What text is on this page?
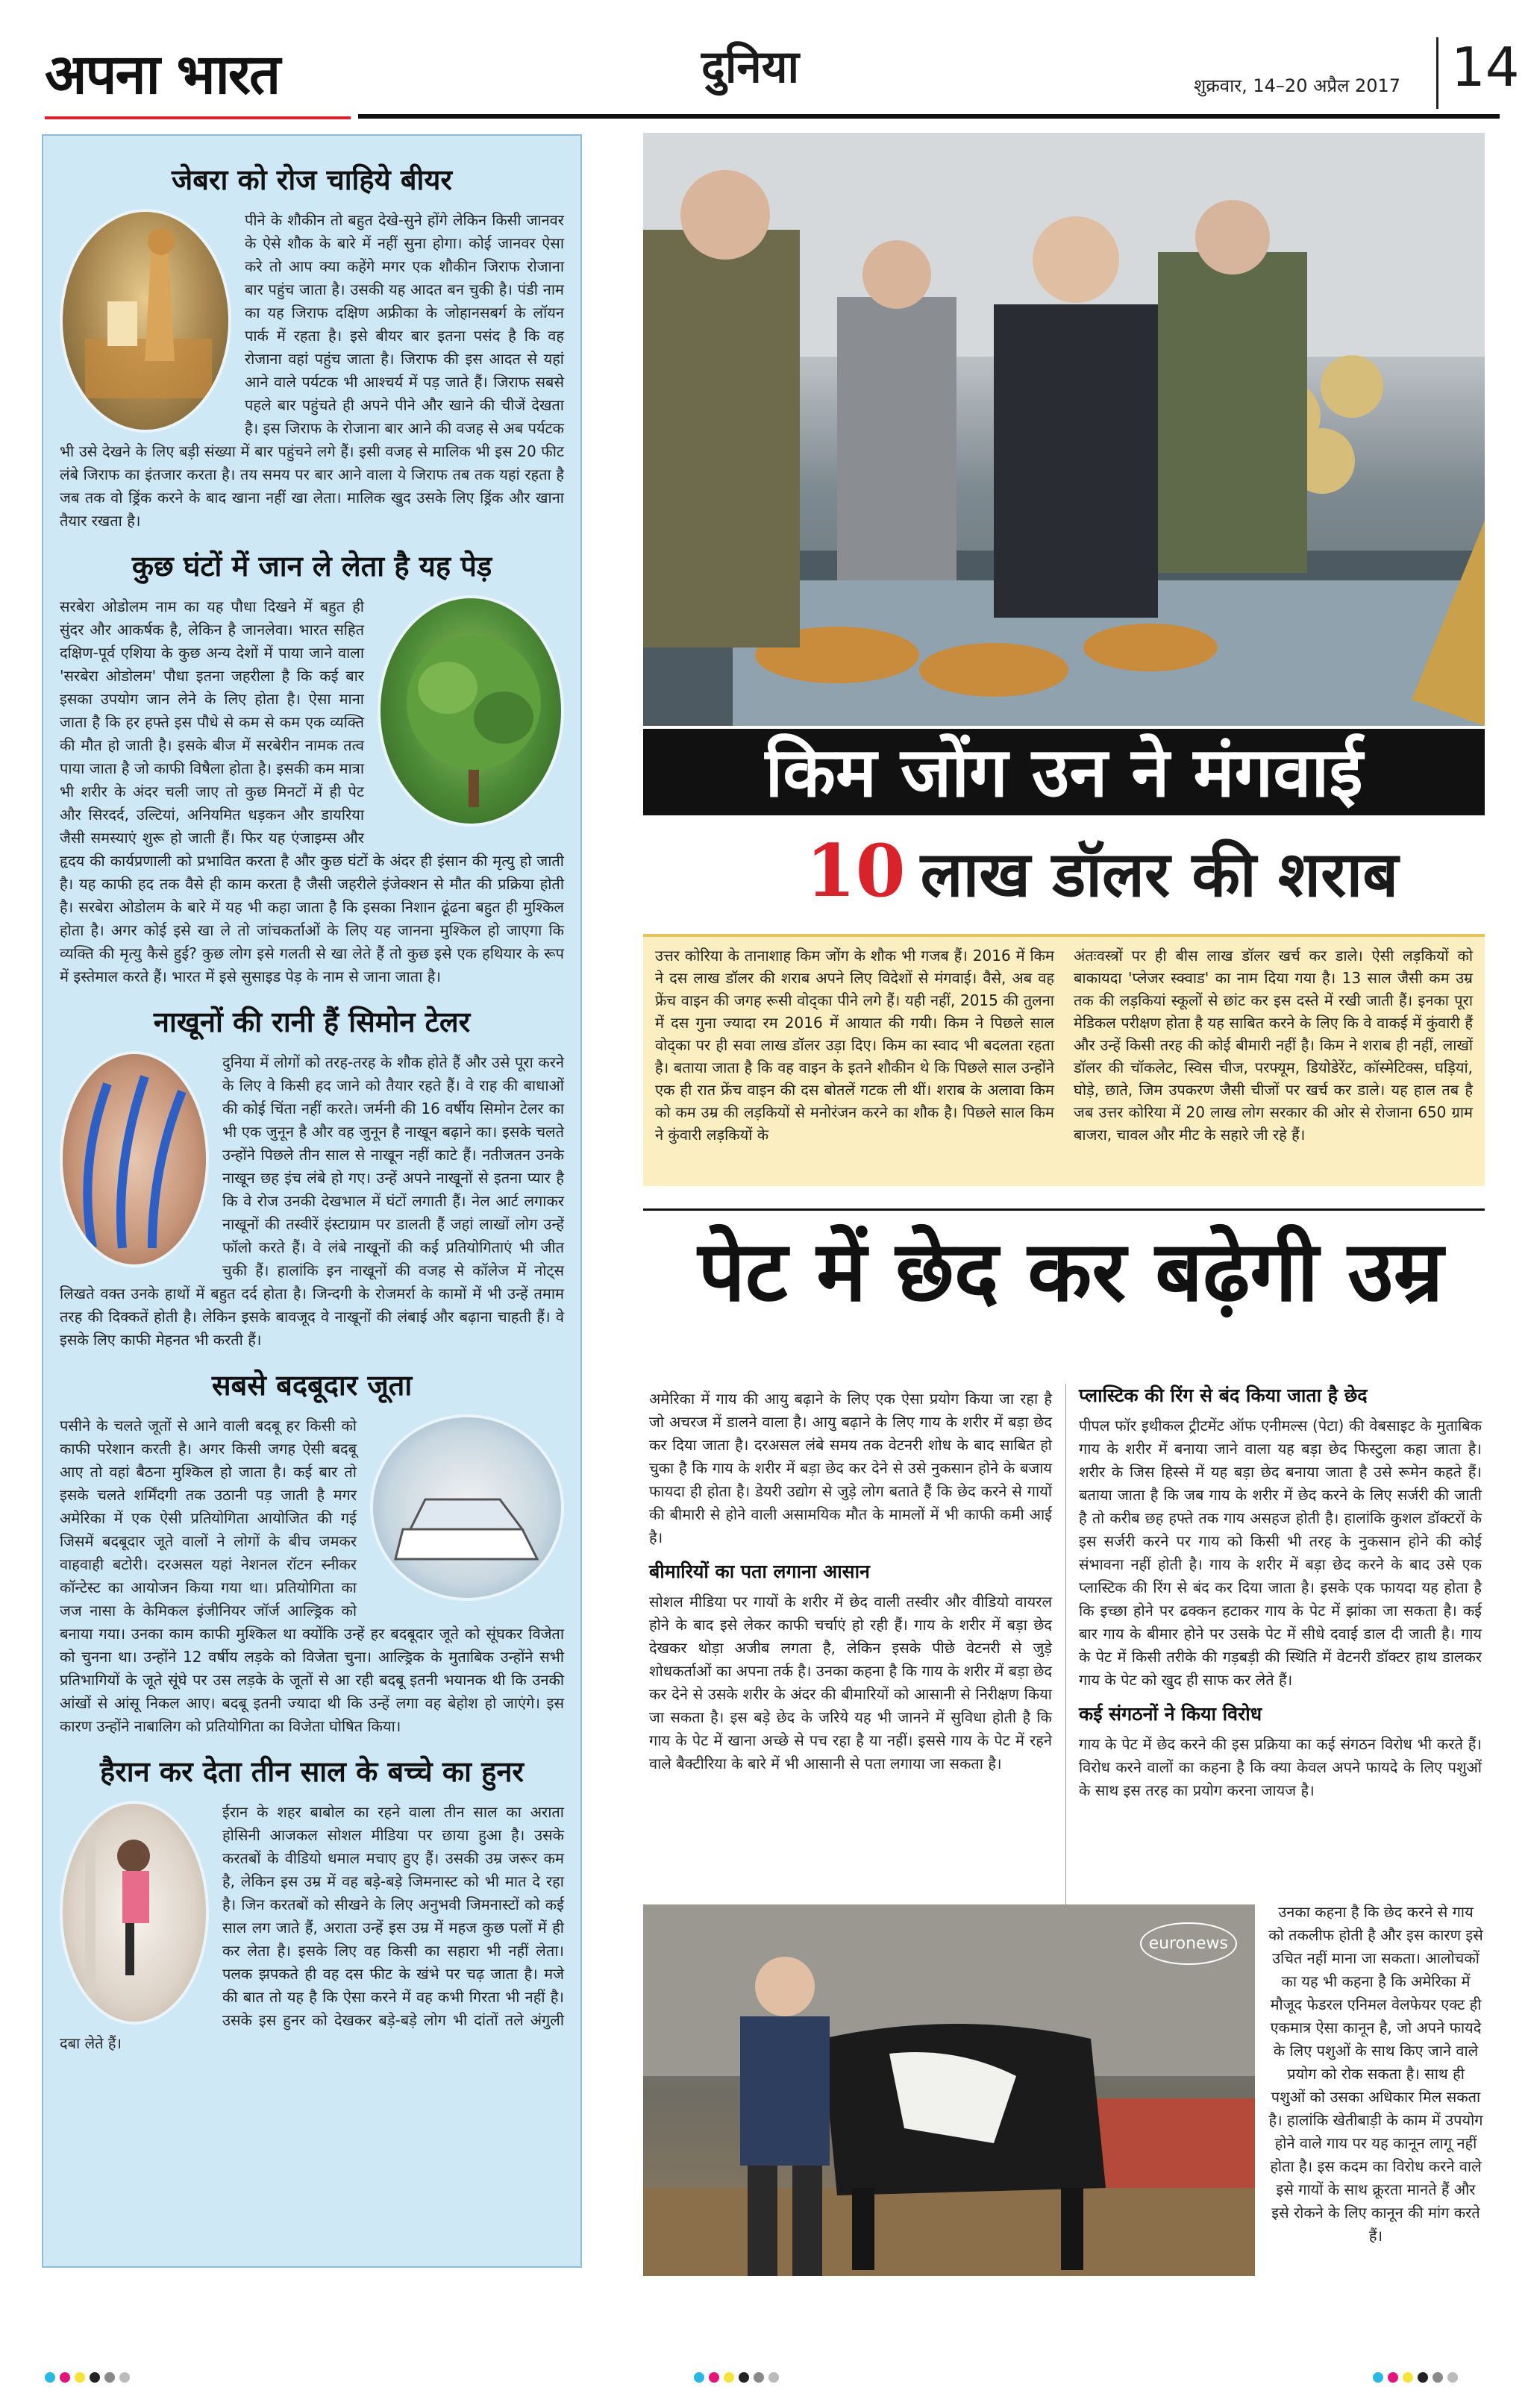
अपना भारत	दुनिया	शुक्रवार, 14–20 अप्रैल 2017 14
जेबरा को रोज चाहिये बीयर
पीने के शौकीन तो बहुत देखे-सुने होंगे लेकिन किसी जानवर के ऐसे शौक के बारे में नहीं सुना होगा। कोई जानवर ऐसा करे तो आप क्या कहेंगे मगर एक शौकीन जिराफ रोजाना बार पहुंच जाता है। उसकी यह आदत बन चुकी है। पंडी नाम का यह जिराफ दक्षिण अफ्रीका के जोहानसबर्ग के लॉयन पार्क में रहता है। इसे बीयर बार इतना पसंद है कि वह रोजाना वहां पहुंच जाता है। जिराफ की इस आदत से यहां आने वाले पर्यटक भी आश्चर्य में पड़ जाते हैं। जिराफ सबसे पहले बार पहुंचते ही अपने पीने और खाने की चीजें देखता है। इस जिराफ के रोजाना बार आने की वजह से अब पर्यटक भी उसे देखने के लिए बड़ी संख्या में बार पहुंचने लगे हैं। इसी वजह से मालिक भी इस 20 फीट लंबे जिराफ का इंतजार करता है। तय समय पर बार आने वाला ये जिराफ तब तक यहां रहता है जब तक वो ड्रिंक करने के बाद खाना नहीं खा लेता। मालिक खुद उसके लिए ड्रिंक और खाना तैयार रखता है।
कुछ घंटों में जान ले लेता है यह पेड़
सरबेरा ओडोलम नाम का यह पौधा दिखने में बहुत ही सुंदर और आकर्षक है, लेकिन है जानलेवा। भारत सहित दक्षिण-पूर्व एशिया के कुछ अन्य देशों में पाया जाने वाला 'सरबेरा ओडोलम' पौधा इतना जहरीला है कि कई बार इसका उपयोग जान लेने के लिए होता है। ऐसा माना जाता है कि हर हफ्ते इस पौधे से कम से कम एक व्यक्ति की मौत हो जाती है। इसके बीज में सरबेरीन नामक तत्व पाया जाता है जो काफी विषैला होता है। इसकी कम मात्रा भी शरीर के अंदर चली जाए तो कुछ मिनटों में ही पेट और सिरदर्द, उल्टियां, अनियमित धड़कन और डायरिया जैसी समस्याएं शुरू हो जाती हैं। फिर यह एंजाइम्स और हृदय की कार्यप्रणाली को प्रभावित करता है और कुछ घंटों के अंदर ही इंसान की मृत्यु हो जाती है। यह काफी हद तक वैसे ही काम करता है जैसी जहरीले इंजेक्शन से मौत की प्रक्रिया होती है। सरबेरा ओडोलम के बारे में यह भी कहा जाता है कि इसका निशान ढूंढना बहुत ही मुश्किल होता है। अगर कोई इसे खा ले तो जांचकर्ताओं के लिए यह जानना मुश्किल हो जाएगा कि व्यक्ति की मृत्यु कैसे हुई? कुछ लोग इसे गलती से खा लेते हैं तो कुछ इसे एक हथियार के रूप में इस्तेमाल करते हैं। भारत में इसे सुसाइड पेड़ के नाम से जाना जाता है।
नाखूनों की रानी हैं सिमोन टेलर
दुनिया में लोगों को तरह-तरह के शौक होते हैं और उसे पूरा करने के लिए वे किसी हद जाने को तैयार रहते हैं। वे राह की बाधाओं की कोई चिंता नहीं करते। जर्मनी की 16 वर्षीय सिमोन टेलर का भी एक जुनून है और वह जुनून है नाखून बढ़ाने का। इसके चलते उन्होंने पिछले तीन साल से नाखून नहीं काटे हैं। नतीजतन उनके नाखून छह इंच लंबे हो गए। उन्हें अपने नाखूनों से इतना प्यार है कि वे रोज उनकी देखभाल में घंटों लगाती हैं। नेल आर्ट लगाकर नाखूनों की तस्वीरें इंस्टाग्राम पर डालती हैं जहां लाखों लोग उन्हें फॉलो करते हैं। वे लंबे नाखूनों की कई प्रतियोगिताएं भी जीत चुकी हैं। हालांकि इन नाखूनों की वजह से कॉलेज में नोट्स लिखते वक्त उनके हाथों में बहुत दर्द होता है। जिन्दगी के रोजमर्रा के कामों में भी उन्हें तमाम तरह की दिक्कतें होती है। लेकिन इसके बावजूद वे नाखूनों की लंबाई और बढ़ाना चाहती हैं। वे इसके लिए काफी मेहनत भी करती हैं।
सबसे बदबूदार जूता
पसीने के चलते जूतों से आने वाली बदबू हर किसी को काफी परेशान करती है। अगर किसी जगह ऐसी बदबू आए तो वहां बैठना मुश्किल हो जाता है। कई बार तो इसके चलते शर्मिंदगी तक उठानी पड़ जाती है मगर अमेरिका में एक ऐसी प्रतियोगिता आयोजित की गई जिसमें बदबूदार जूते वालों ने लोगों के बीच जमकर वाहवाही बटोरी। दरअसल यहां नेशनल रॉटन स्नीकर कॉन्टेस्ट का आयोजन किया गया था। प्रतियोगिता का जज नासा के केमिकल इंजीनियर जॉर्ज आल्ड्रिक को बनाया गया। उनका काम काफी मुश्किल था क्योंकि उन्हें हर बदबूदार जूते को सूंघकर विजेता को चुनना था। उन्होंने 12 वर्षीय लड़के को विजेता चुना। आल्ड्रिक के मुताबिक उन्होंने सभी प्रतिभागियों के जूते सूंघे पर उस लड़के के जूतों से आ रही बदबू इतनी भयानक थी कि उनकी आंखों से आंसू निकल आए। बदबू इतनी ज्यादा थी कि उन्हें लगा वह बेहोश हो जाएंगे। इस कारण उन्होंने नाबालिग को प्रतियोगिता का विजेता घोषित किया।
हैरान कर देता तीन साल के बच्चे का हुनर
ईरान के शहर बाबोल का रहने वाला तीन साल का अराता होसिनी आजकल सोशल मीडिया पर छाया हुआ है। उसके करतबों के वीडियो धमाल मचाए हुए हैं। उसकी उम्र जरूर कम है, लेकिन इस उम्र में वह बड़े-बड़े जिमनास्ट को भी मात दे रहा है। जिन करतबों को सीखने के लिए अनुभवी जिमनास्टों को कई साल लग जाते हैं, अराता उन्हें इस उम्र में महज कुछ पलों में ही कर लेता है। इसके लिए वह किसी का सहारा भी नहीं लेता। पलक झपकते ही वह दस फीट के खंभे पर चढ़ जाता है। मजे की बात तो यह है कि ऐसा करने में वह कभी गिरता भी नहीं है। उसके इस हुनर को देखकर बड़े-बड़े लोग भी दांतों तले अंगुली दबा लेते हैं।
किम जोंग उन ने मंगवाई
10 लाख डॉलर की शराब
उत्तर कोरिया के तानाशाह किम जोंग के शौक भी गजब हैं। 2016 में किम ने दस लाख डॉलर की शराब अपने लिए विदेशों से मंगवाई। वैसे, अब वह फ्रेंच वाइन की जगह रूसी वोद्का पीने लगे हैं। यही नहीं, 2015 की तुलना में दस गुना ज्यादा रम 2016 में आयात की गयी। किम ने पिछले साल वोद्का पर ही सवा लाख डॉलर उड़ा दिए। किम का स्वाद भी बदलता रहता है। बताया जाता है कि वह वाइन के इतने शौकीन थे कि पिछले साल उन्होंने एक ही रात फ्रेंच वाइन की दस बोतलें गटक ली थीं। शराब के अलावा किम को कम उम्र की लड़कियों से मनोरंजन करने का शौक है। पिछले साल किम ने कुंवारी लड़कियों के
अंतःवस्त्रों पर ही बीस लाख डॉलर खर्च कर डाले। ऐसी लड़कियों को बाकायदा 'प्लेजर स्क्वाड' का नाम दिया गया है। 13 साल जैसी कम उम्र तक की लड़कियां स्कूलों से छांट कर इस दस्ते में रखी जाती हैं। इनका पूरा मेडिकल परीक्षण होता है यह साबित करने के लिए कि वे वाकई में कुंवारी हैं और उन्हें किसी तरह की कोई बीमारी नहीं है। किम ने शराब ही नहीं, लाखों डॉलर की चॉकलेट, स्विस चीज, परफ्यूम, डियोडेरेंट, कॉस्मेटिक्स, घड़ियां, घोड़े, छाते, जिम उपकरण जैसी चीजों पर खर्च कर डाले। यह हाल तब है जब उत्तर कोरिया में 20 लाख लोग सरकार की ओर से रोजाना 650 ग्राम बाजरा, चावल और मीट के सहारे जी रहे हैं।
पेट में छेद कर बढ़ेगी उम्र

अमेरिका में गाय की आयु बढ़ाने के लिए एक ऐसा प्रयोग किया जा रहा है जो अचरज में डालने वाला है। आयु बढ़ाने के लिए गाय के शरीर में बड़ा छेद कर दिया जाता है। दरअसल लंबे समय तक वेटनरी शोध के बाद साबित हो चुका है कि गाय के शरीर में बड़ा छेद कर देने से उसे नुकसान होने के बजाय फायदा ही होता है। डेयरी उद्योग से जुड़े लोग बताते हैं कि छेद करने से गायों की बीमारी से होने वाली असामयिक मौत के मामलों में भी काफी कमी आई है।

बीमारियों का पता लगाना आसान

सोशल मीडिया पर गायों के शरीर में छेद वाली तस्वीर और वीडियो वायरल होने के बाद इसे लेकर काफी चर्चाएं हो रही हैं। गाय के शरीर में बड़ा छेद देखकर थोड़ा अजीब लगता है, लेकिन इसके पीछे वेटनरी से जुड़े शोधकर्ताओं का अपना तर्क है। उनका कहना है कि गाय के शरीर में बड़ा छेद कर देने से उसके शरीर के अंदर की बीमारियों को आसानी से निरीक्षण किया जा सकता है। इस बड़े छेद के जरिये यह भी जानने में सुविधा होती है कि गाय के पेट में खाना अच्छे से पच रहा है या नहीं। इससे गाय के पेट में रहने वाले बैक्टीरिया के बारे में भी आसानी से पता लगाया जा सकता है।

प्लास्टिक की रिंग से बंद किया जाता है छेद

पीपल फॉर इथीकल ट्रीटमेंट ऑफ एनीमल्स (पेटा) की वेबसाइट के मुताबिक गाय के शरीर में बनाया जाने वाला यह बड़ा छेद फिस्टुला कहा जाता है। शरीर के जिस हिस्से में यह बड़ा छेद बनाया जाता है उसे रूमेन कहते हैं। बताया जाता है कि जब गाय के शरीर में छेद करने के लिए सर्जरी की जाती है तो करीब छह हफ्ते तक गाय असहज होती है। हालांकि कुशल डॉक्टरों के इस सर्जरी करने पर गाय को किसी भी तरह के नुकसान होने की कोई संभावना नहीं होती है। गाय के शरीर में बड़ा छेद करने के बाद उसे एक प्लास्टिक की रिंग से बंद कर दिया जाता है। इसके एक फायदा यह होता है कि इच्छा होने पर ढक्कन हटाकर गाय के पेट में झांका जा सकता है। कई बार गाय के बीमार होने पर उसके पेट में सीधे दवाई डाल दी जाती है। गाय के पेट में किसी तरीके की गड़बड़ी की स्थिति में वेटनरी डॉक्टर हाथ डालकर गाय के पेट को खुद ही साफ कर लेते हैं।

कई संगठनों ने किया विरोध

गाय के पेट में छेद करने की इस प्रक्रिया का कई संगठन विरोध भी करते हैं। विरोध करने वालों का कहना है कि क्या केवल अपने फायदे के लिए पशुओं के साथ इस तरह का प्रयोग करना जायज है।

euronews
उनका कहना है कि छेद करने से गाय को तकलीफ होती है और इस कारण इसे उचित नहीं माना जा सकता। आलोचकों का यह भी कहना है कि अमेरिका में मौजूद फेडरल एनिमल वेलफेयर एक्ट ही एकमात्र ऐसा कानून है, जो अपने फायदे के लिए पशुओं के साथ किए जाने वाले प्रयोग को रोक सकता है। साथ ही पशुओं को उसका अधिकार मिल सकता है। हालांकि खेतीबाड़ी के काम में उपयोग होने वाले गाय पर यह कानून लागू नहीं होता है। इस कदम का विरोध करने वाले इसे गायों के साथ क्रूरता मानते हैं और इसे रोकने के लिए कानून की मांग करते हैं।
